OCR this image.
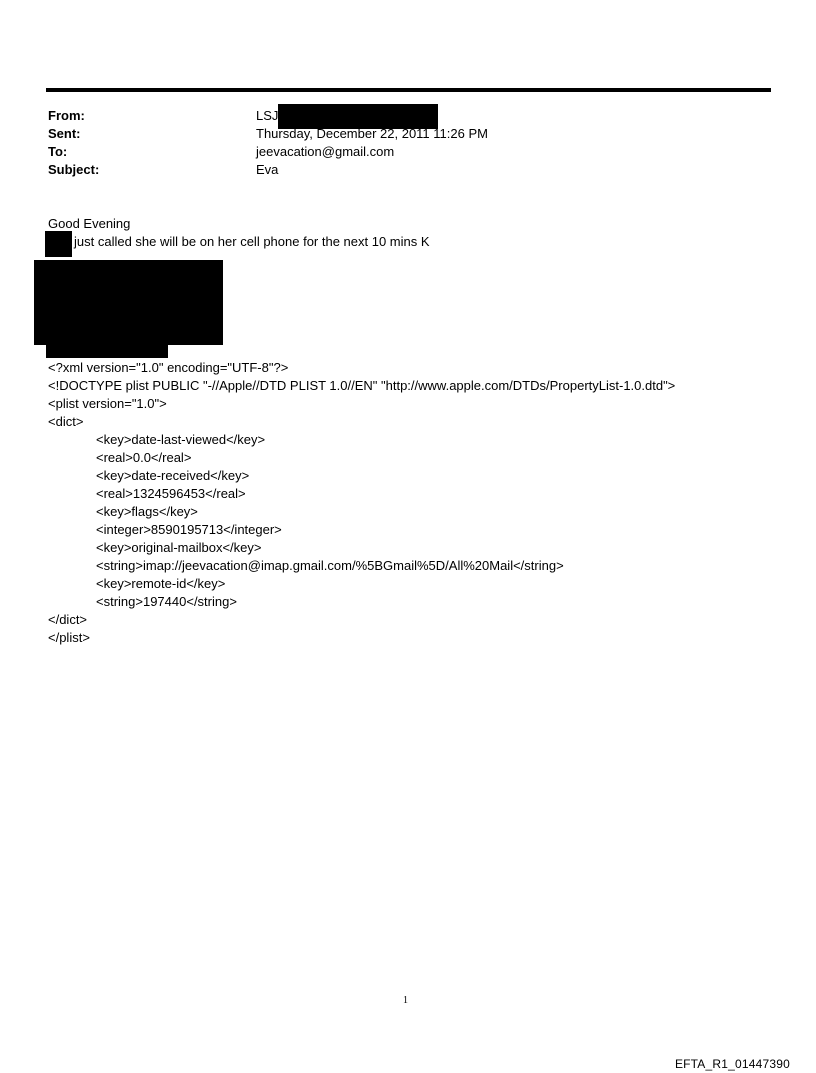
From:	LSJ
Sent:	Thursday, December 22, 2011 11:26 PM
To:	jeevacation@gmail.com
Subject:	Eva
Good Evening
just called she will be on her cell phone for the next 10 mins K
<?xml version="1.0" encoding="UTF-8"?>
<!DOCTYPE plist PUBLIC "-//Apple//DTD PLIST 1.0//EN" "http://www.apple.com/DTDs/PropertyList-1.0.dtd">
<plist version="1.0">
<dict>
<key>date-last-viewed</key>
<real>0.0</real>
<key>date-received</key>
<real>1324596453</real>
<key>flags</key>
<integer>8590195713</integer>
<key>original-mailbox</key>
<string>imap://jeevacation@imap.gmail.com/%5BGmail%5D/All%20Mail</string>
<key>remote-id</key>
<string>197440</string>
</dict>
</plist>
1
EFTA_R1_01447390
